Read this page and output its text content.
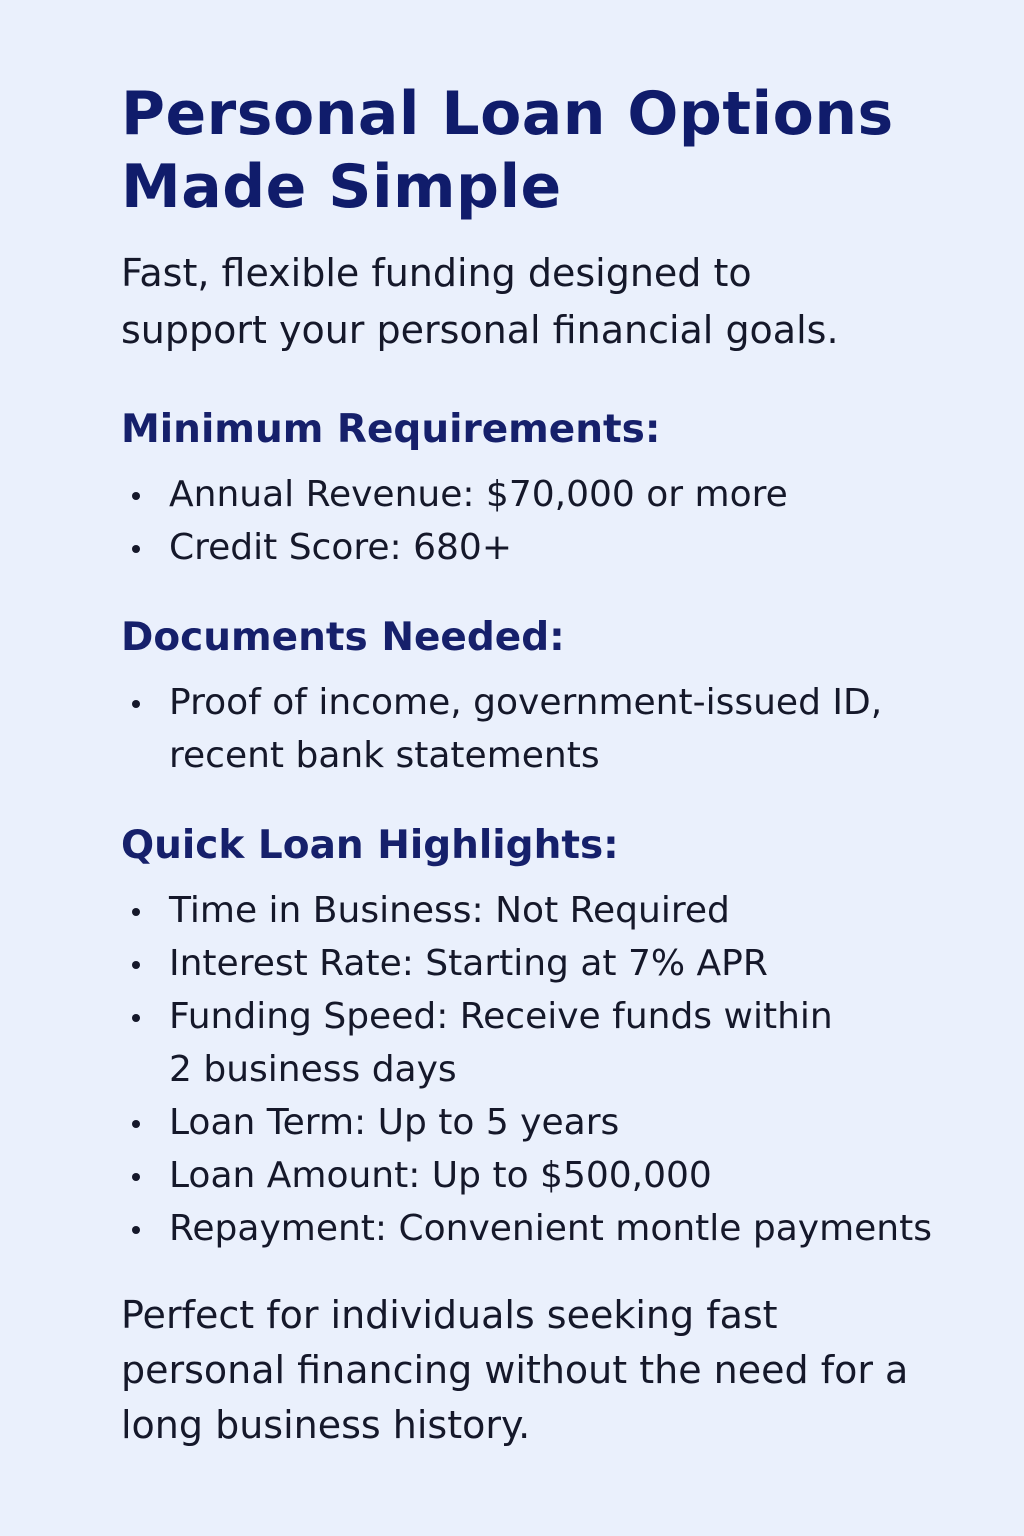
Personal Loan Options
Made Simple

Fast, flexible funding designed to
support your personal financial goals.

Minimum Requirements:
Annual Revenue: $70,000 or more
Credit Score: 680+
Documents Needed:
Proof of income, government-issued ID,
recent bank statements
Quick Loan Highlights:
Time in Business: Not Required
Interest Rate: Starting at 7% APR
Funding Speed: Receive funds within
2 business days
Loan Term: Up to 5 years
Loan Amount: Up to $500,000
Repayment: Convenient montle payments

Perfect for individuals seeking fast
personal financing without the need for a
long business history.
